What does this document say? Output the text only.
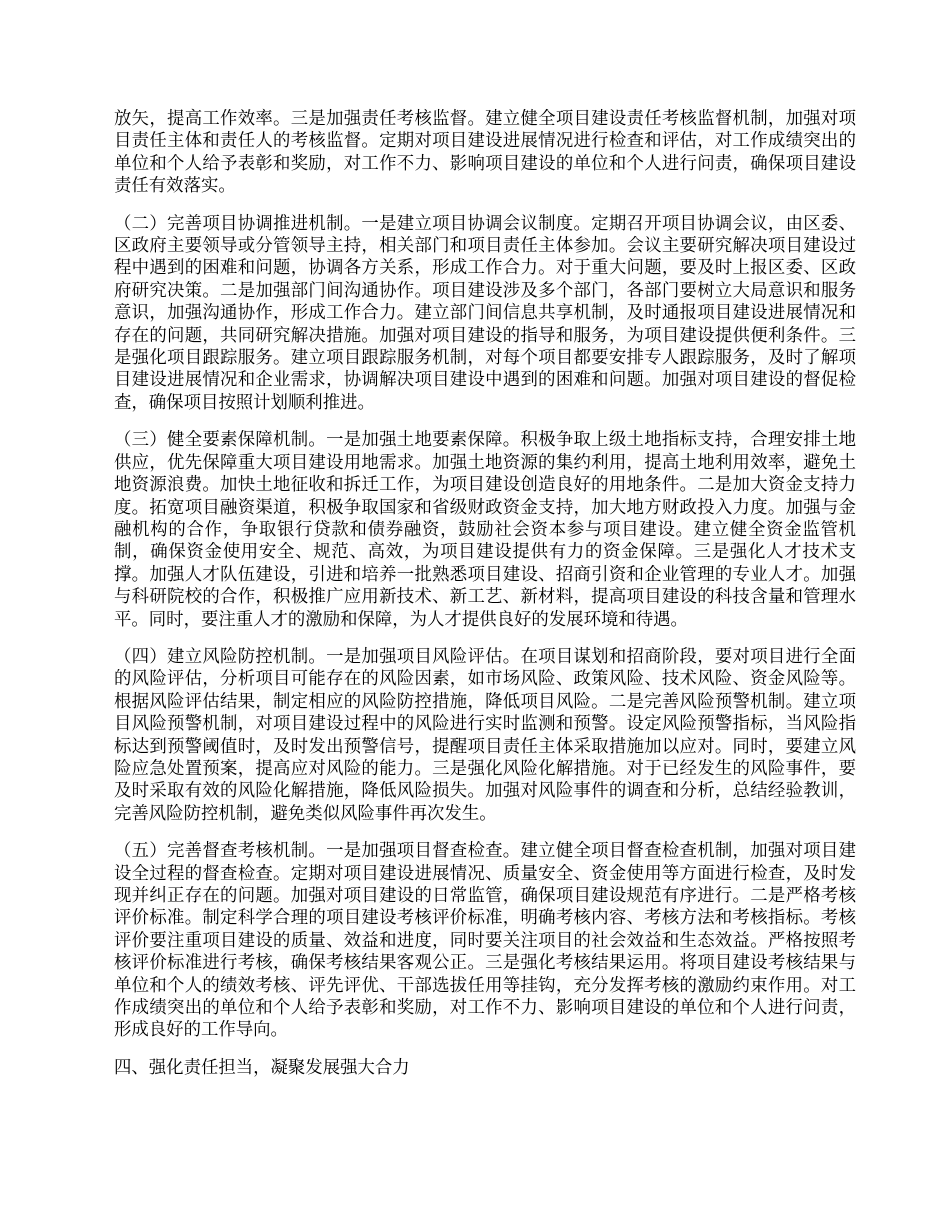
放矢，提高工作效率。三是加强责任考核监督。建立健全项目建设责任考核监督机制，加强对项目责任主体和责任人的考核监督。定期对项目建设进展情况进行检查和评估，对工作成绩突出的单位和个人给予表彰和奖励，对工作不力、影响项目建设的单位和个人进行问责，确保项目建设责任有效落实。

（二）完善项目协调推进机制。一是建立项目协调会议制度。定期召开项目协调会议，由区委、区政府主要领导或分管领导主持，相关部门和项目责任主体参加。会议主要研究解决项目建设过程中遇到的困难和问题，协调各方关系，形成工作合力。对于重大问题，要及时上报区委、区政府研究决策。二是加强部门间沟通协作。项目建设涉及多个部门，各部门要树立大局意识和服务意识，加强沟通协作，形成工作合力。建立部门间信息共享机制，及时通报项目建设进展情况和存在的问题，共同研究解决措施。加强对项目建设的指导和服务，为项目建设提供便利条件。三是强化项目跟踪服务。建立项目跟踪服务机制，对每个项目都要安排专人跟踪服务，及时了解项目建设进展情况和企业需求，协调解决项目建设中遇到的困难和问题。加强对项目建设的督促检查，确保项目按照计划顺利推进。

（三）健全要素保障机制。一是加强土地要素保障。积极争取上级土地指标支持，合理安排土地供应，优先保障重大项目建设用地需求。加强土地资源的集约利用，提高土地利用效率，避免土地资源浪费。加快土地征收和拆迁工作，为项目建设创造良好的用地条件。二是加大资金支持力度。拓宽项目融资渠道，积极争取国家和省级财政资金支持，加大地方财政投入力度。加强与金融机构的合作，争取银行贷款和债券融资，鼓励社会资本参与项目建设。建立健全资金监管机制，确保资金使用安全、规范、高效，为项目建设提供有力的资金保障。三是强化人才技术支撑。加强人才队伍建设，引进和培养一批熟悉项目建设、招商引资和企业管理的专业人才。加强与科研院校的合作，积极推广应用新技术、新工艺、新材料，提高项目建设的科技含量和管理水平。同时，要注重人才的激励和保障，为人才提供良好的发展环境和待遇。

（四）建立风险防控机制。一是加强项目风险评估。在项目谋划和招商阶段，要对项目进行全面的风险评估，分析项目可能存在的风险因素，如市场风险、政策风险、技术风险、资金风险等。根据风险评估结果，制定相应的风险防控措施，降低项目风险。二是完善风险预警机制。建立项目风险预警机制，对项目建设过程中的风险进行实时监测和预警。设定风险预警指标，当风险指标达到预警阈值时，及时发出预警信号，提醒项目责任主体采取措施加以应对。同时，要建立风险应急处置预案，提高应对风险的能力。三是强化风险化解措施。对于已经发生的风险事件，要及时采取有效的风险化解措施，降低风险损失。加强对风险事件的调查和分析，总结经验教训，完善风险防控机制，避免类似风险事件再次发生。

（五）完善督查考核机制。一是加强项目督查检查。建立健全项目督查检查机制，加强对项目建设全过程的督查检查。定期对项目建设进展情况、质量安全、资金使用等方面进行检查，及时发现并纠正存在的问题。加强对项目建设的日常监管，确保项目建设规范有序进行。二是严格考核评价标准。制定科学合理的项目建设考核评价标准，明确考核内容、考核方法和考核指标。考核评价要注重项目建设的质量、效益和进度，同时要关注项目的社会效益和生态效益。严格按照考核评价标准进行考核，确保考核结果客观公正。三是强化考核结果运用。将项目建设考核结果与单位和个人的绩效考核、评先评优、干部选拔任用等挂钩，充分发挥考核的激励约束作用。对工作成绩突出的单位和个人给予表彰和奖励，对工作不力、影响项目建设的单位和个人进行问责，形成良好的工作导向。

四、强化责任担当，凝聚发展强大合力
